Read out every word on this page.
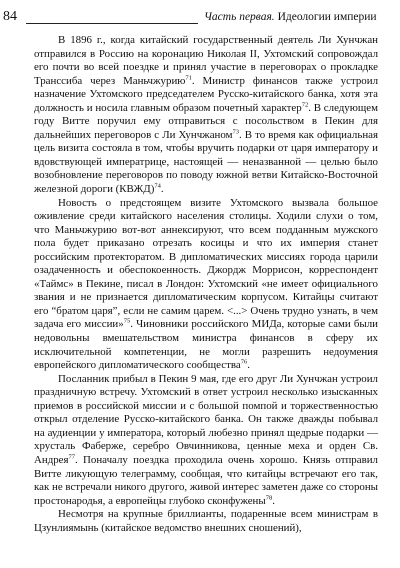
84	Часть первая. Идеологии империи

В 1896 г., когда китайский государственный деятель Ли Хунчжан отправился в Россию на коронацию Николая II, Ухтомский сопровождал его почти во всей поездке и принял участие в переговорах о прокладке Транссиба через Маньчжурию$^{71}$. Министр финансов также устроил назначение Ухтомского председателем Русско-китайского банка, хотя эта должность и носила главным образом почетный характер$^{72}$. В следующем году Витте поручил ему отправиться с посольством в Пекин для дальнейших переговоров с Ли Хунчжаном$^{73}$. В то время как официальная цель визита состояла в том, чтобы вручить подарки от царя императору и вдовствующей императрице, настоящей — неназванной — целью было возобновление переговоров по поводу южной ветви Китайско-Восточной железной дороги (КВЖД)$^{74}$.

Новость о предстоящем визите Ухтомского вызвала большое оживление среди китайского населения столицы. Ходили слухи о том, что Маньчжурию вот-вот аннексируют, что всем подданным мужского пола будет приказано отрезать косицы и что их империя станет российским протекторатом. В дипломатических миссиях города царили озадаченность и обеспокоенность. Джордж Моррисон, корреспондент «Таймс» в Пекине, писал в Лондон: Ухтомский «не имеет официального звания и не признается дипломатическим корпусом. Китайцы считают его “братом царя”, если не самим царем. <...> Очень трудно узнать, в чем задача его миссии»$^{75}$. Чиновники российского МИДа, которые сами были недовольны вмешательством министра финансов в сферу их исключительной компетенции, не могли разрешить недоумения европейского дипломатического сообщества$^{76}$.

Посланник прибыл в Пекин 9 мая, где его друг Ли Хунчжан устроил праздничную встречу. Ухтомский в ответ устроил несколько изысканных приемов в российской миссии и с большой помпой и торжественностью открыл отделение Русско-китайского банка. Он также дважды побывал на аудиенции у императора, который любезно принял щедрые подарки — хрусталь Фаберже, серебро Овчинникова, ценные меха и орден Св. Андрея$^{77}$. Поначалу поездка проходила очень хорошо. Князь отправил Витте ликующую телеграмму, сообщая, что китайцы встречают его так, как не встречали никого другого, живой интерес заметен даже со стороны простонародья, а европейцы глубоко сконфужены$^{78}$.

Несмотря на крупные бриллианты, подаренные всем министрам в Цзунлиямынь (китайское ведомство внешних сношений),
